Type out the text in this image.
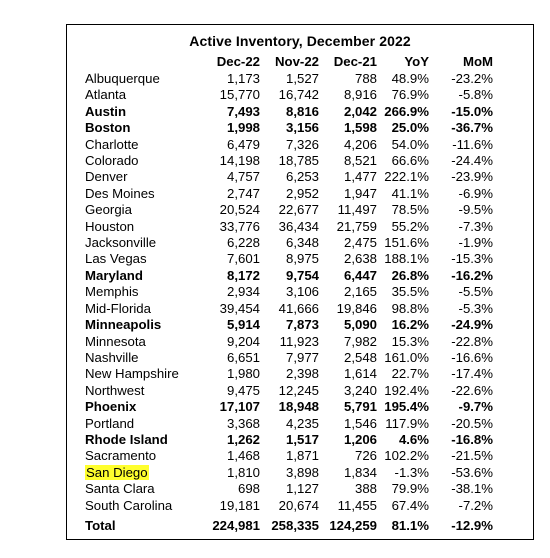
Active Inventory, December 2022
	Dec-22	Nov-22	Dec-21	YoY	MoM
Albuquerque	1,173	1,527	788	48.9%	-23.2%
Atlanta	15,770	16,742	8,916	76.9%	-5.8%
Austin	7,493	8,816	2,042	266.9%	-15.0%
Boston	1,998	3,156	1,598	25.0%	-36.7%
Charlotte	6,479	7,326	4,206	54.0%	-11.6%
Colorado	14,198	18,785	8,521	66.6%	-24.4%
Denver	4,757	6,253	1,477	222.1%	-23.9%
Des Moines	2,747	2,952	1,947	41.1%	-6.9%
Georgia	20,524	22,677	11,497	78.5%	-9.5%
Houston	33,776	36,434	21,759	55.2%	-7.3%
Jacksonville	6,228	6,348	2,475	151.6%	-1.9%
Las Vegas	7,601	8,975	2,638	188.1%	-15.3%
Maryland	8,172	9,754	6,447	26.8%	-16.2%
Memphis	2,934	3,106	2,165	35.5%	-5.5%
Mid-Florida	39,454	41,666	19,846	98.8%	-5.3%
Minneapolis	5,914	7,873	5,090	16.2%	-24.9%
Minnesota	9,204	11,923	7,982	15.3%	-22.8%
Nashville	6,651	7,977	2,548	161.0%	-16.6%
New Hampshire	1,980	2,398	1,614	22.7%	-17.4%
Northwest	9,475	12,245	3,240	192.4%	-22.6%
Phoenix	17,107	18,948	5,791	195.4%	-9.7%
Portland	3,368	4,235	1,546	117.9%	-20.5%
Rhode Island	1,262	1,517	1,206	4.6%	-16.8%
Sacramento	1,468	1,871	726	102.2%	-21.5%
San Diego	1,810	3,898	1,834	-1.3%	-53.6%
Santa Clara	698	1,127	388	79.9%	-38.1%
South Carolina	19,181	20,674	11,455	67.4%	-7.2%
Total	224,981	258,335	124,259	81.1%	-12.9%
